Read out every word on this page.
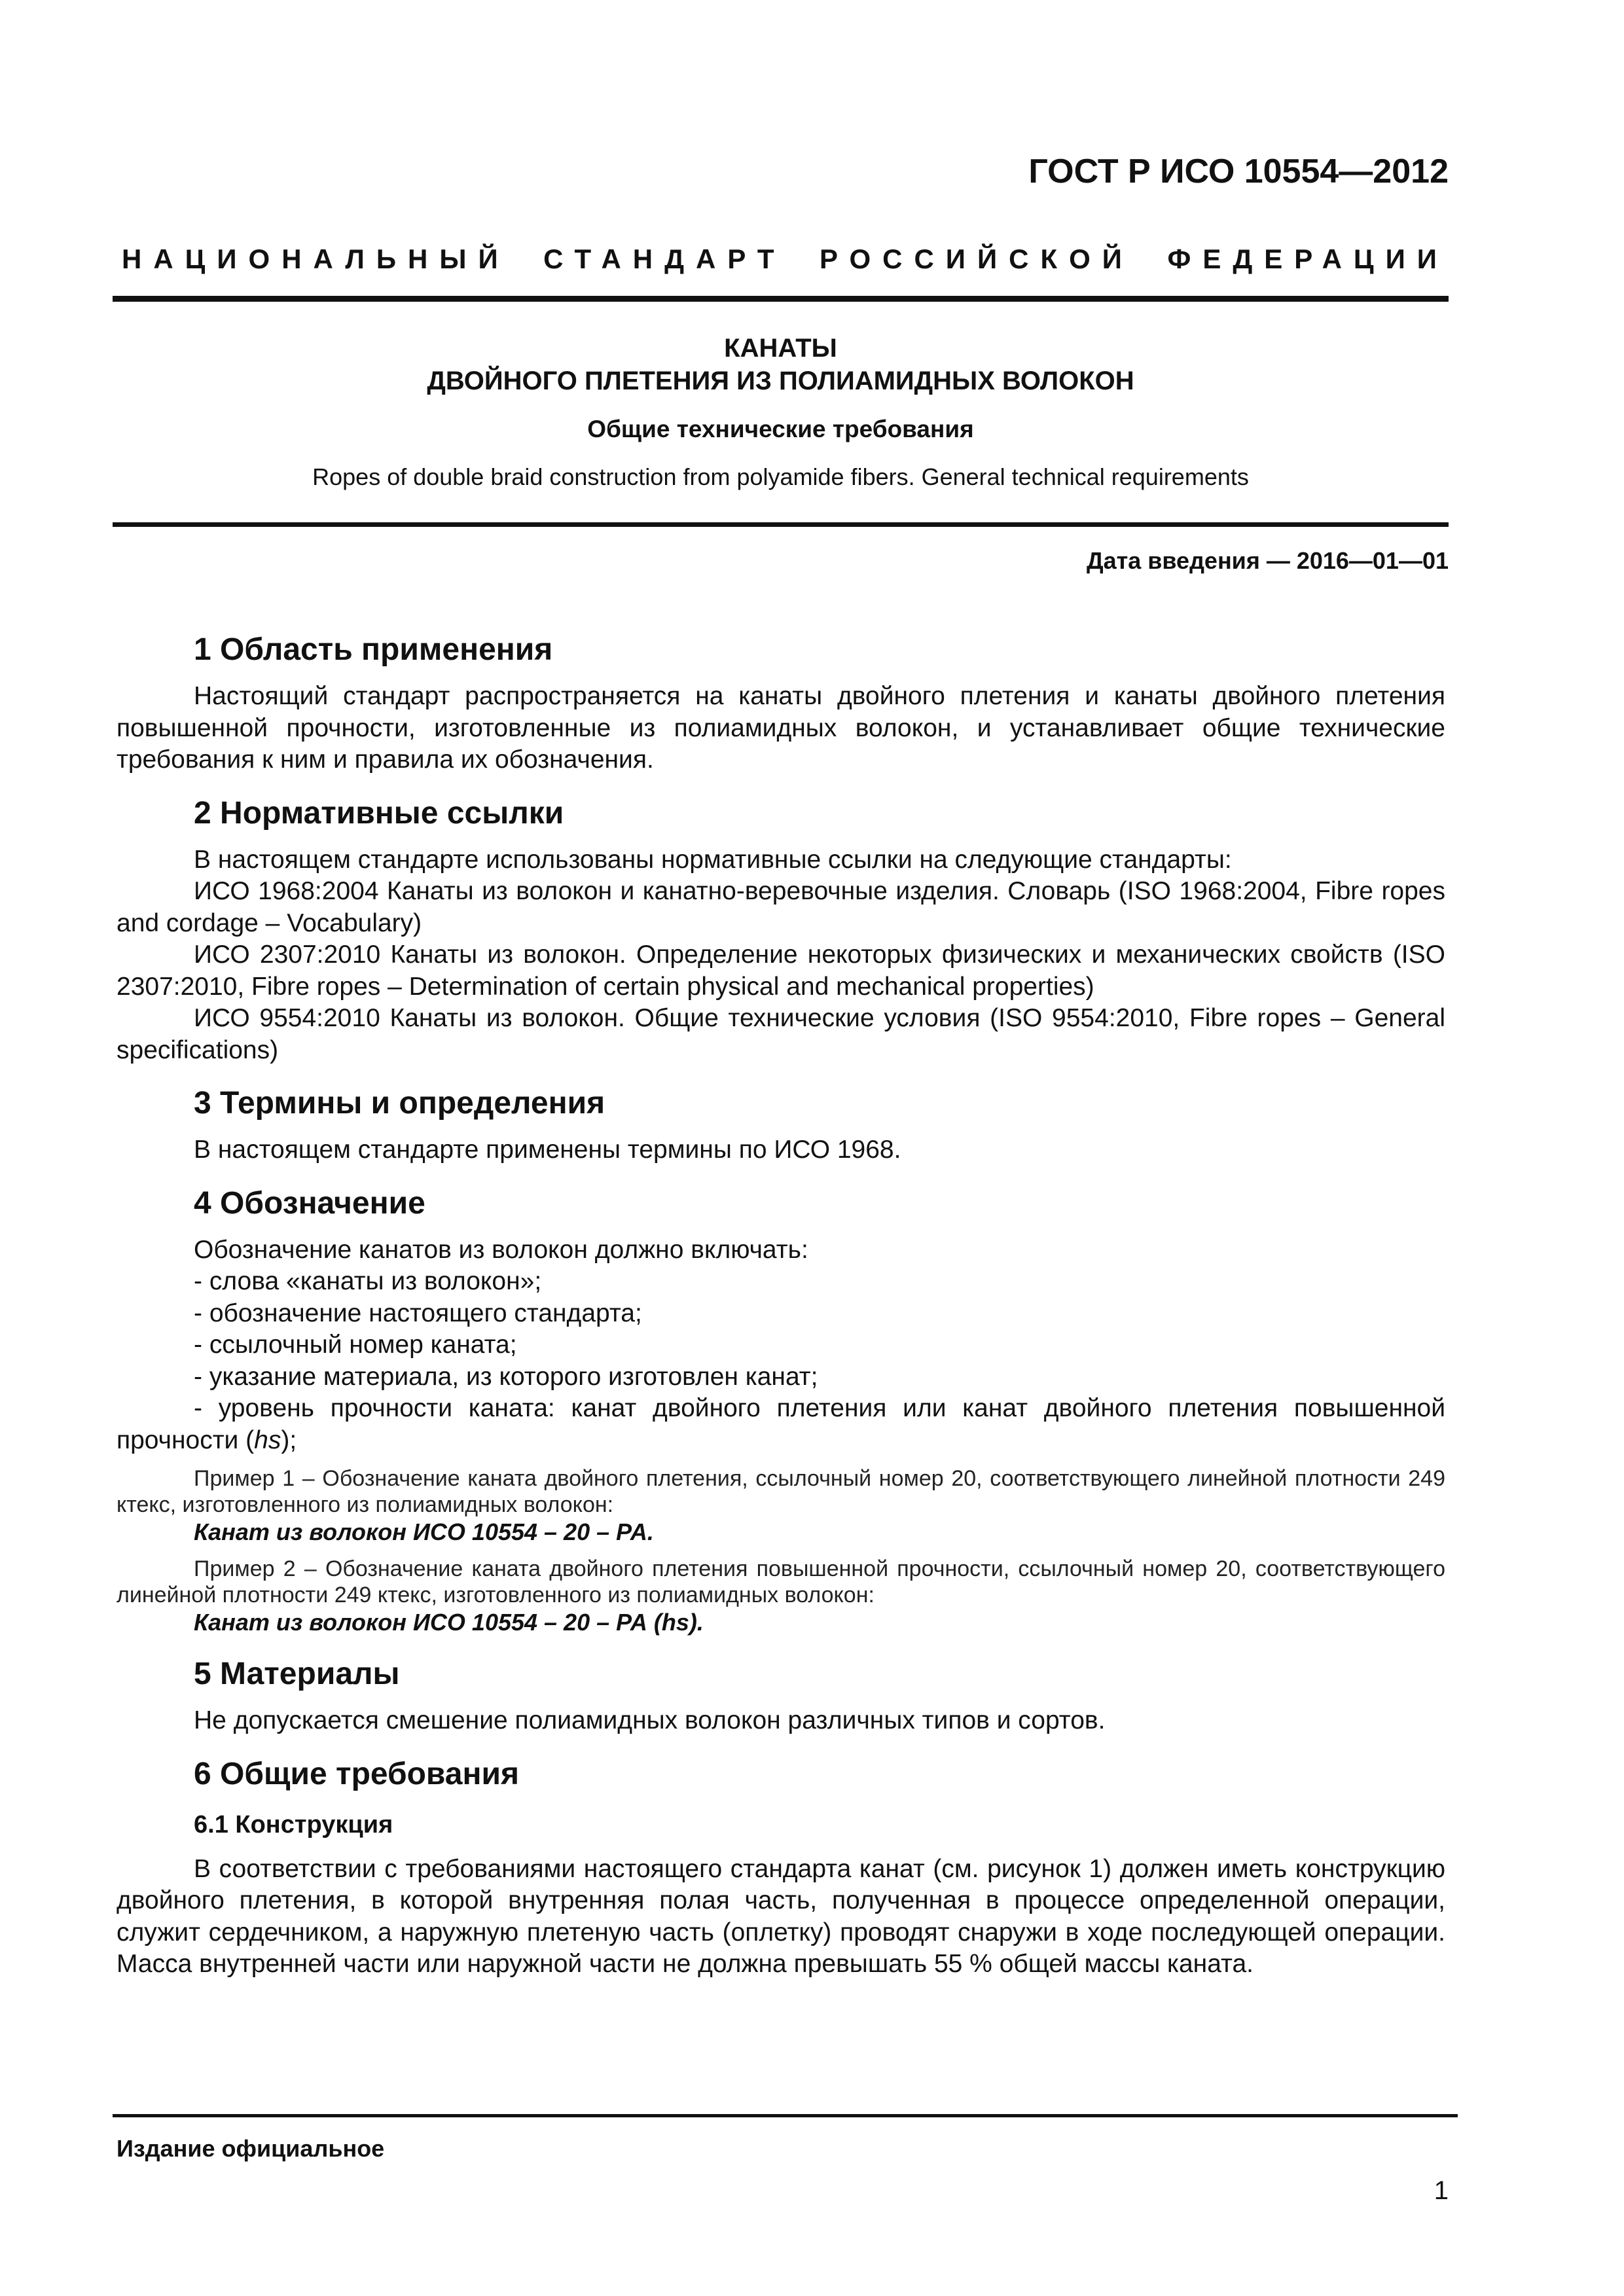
ГОСТ Р ИСО 10554—2012
НАЦИОНАЛЬНЫЙ СТАНДАРТ РОССИЙСКОЙ ФЕДЕРАЦИИ
КАНАТЫ
ДВОЙНОГО ПЛЕТЕНИЯ ИЗ ПОЛИАМИДНЫХ ВОЛОКОН
Общие технические требования
Ropes of double braid construction from polyamide fibers. General technical requirements
Дата введения — 2016—01—01
1 Область применения

Настоящий стандарт распространяется на канаты двойного плетения и канаты двойного плетения повышенной прочности, изготовленные из полиамидных волокон, и устанавливает общие технические требования к ним и правила их обозначения.

2 Нормативные ссылки

В настоящем стандарте использованы нормативные ссылки на следующие стандарты:

ИСО 1968:2004 Канаты из волокон и канатно-веревочные изделия. Словарь (ISO 1968:2004, Fibre ropes and cordage – Vocabulary)

ИСО 2307:2010 Канаты из волокон. Определение некоторых физических и механических свойств (ISO 2307:2010, Fibre ropes – Determination of certain physical and mechanical properties)

ИСО 9554:2010 Канаты из волокон. Общие технические условия (ISO 9554:2010, Fibre ropes – General specifications)

3 Термины и определения

В настоящем стандарте применены термины по ИСО 1968.

4 Обозначение

Обозначение канатов из волокон должно включать:

- слова «канаты из волокон»;

- обозначение настоящего стандарта;

- ссылочный номер каната;

- указание материала, из которого изготовлен канат;

- уровень прочности каната: канат двойного плетения или канат двойного плетения повышенной прочности (hs);

Пример 1 – Обозначение каната двойного плетения, ссылочный номер 20, соответствующего линейной плотности 249 ктекс, изготовленного из полиамидных волокон:

Канат из волокон ИСО 10554 – 20 – РА.

Пример 2 – Обозначение каната двойного плетения повышенной прочности, ссылочный номер 20, соответствующего линейной плотности 249 ктекс, изготовленного из полиамидных волокон:

Канат из волокон ИСО 10554 – 20 – РА (hs).

5 Материалы

Не допускается смешение полиамидных волокон различных типов и сортов.

6 Общие требования
6.1 Конструкция

В соответствии с требованиями настоящего стандарта канат (см. рисунок 1) должен иметь конструкцию двойного плетения, в которой внутренняя полая часть, полученная в процессе определенной операции, служит сердечником, а наружную плетеную часть (оплетку) проводят снаружи в ходе последующей операции. Масса внутренней части или наружной части не должна превышать 55 % общей массы каната.

Издание официальное
1
